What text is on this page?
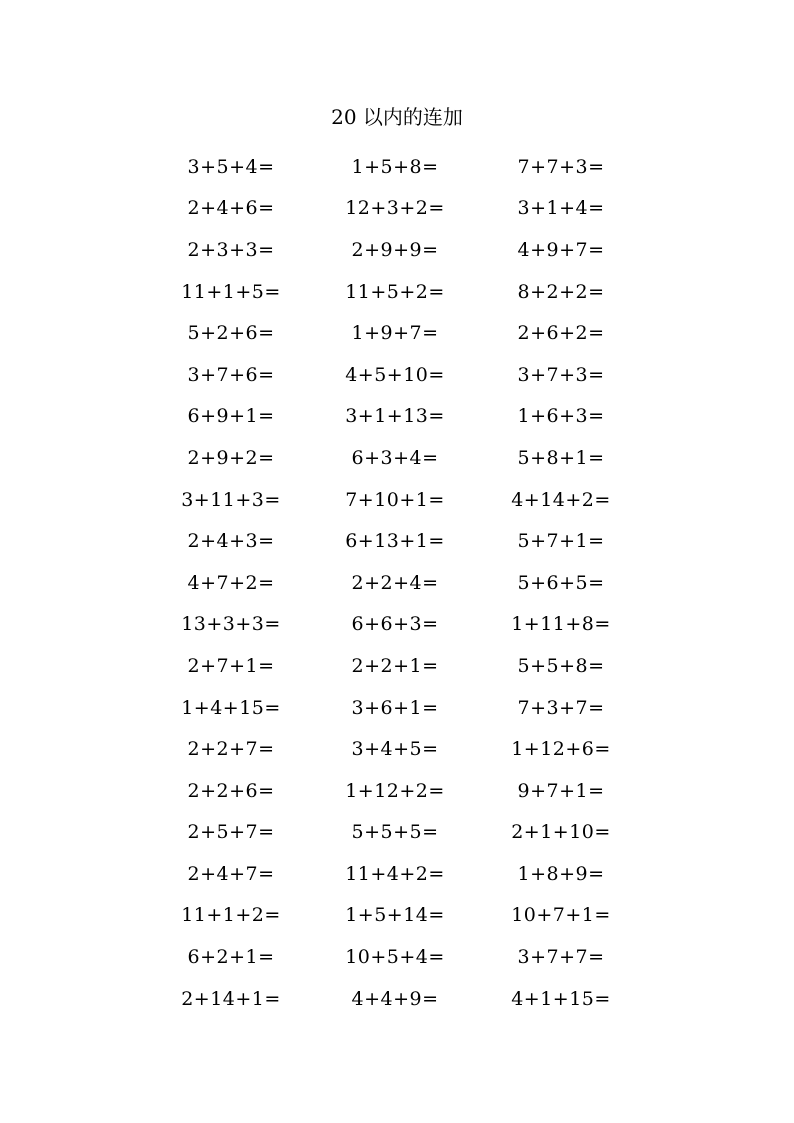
20 以内的连加
3+5+4=	1+5+8=	7+7+3=
2+4+6=	12+3+2=	3+1+4=
2+3+3=	2+9+9=	4+9+7=
11+1+5=	11+5+2=	8+2+2=
5+2+6=	1+9+7=	2+6+2=
3+7+6=	4+5+10=	3+7+3=
6+9+1=	3+1+13=	1+6+3=
2+9+2=	6+3+4=	5+8+1=
3+11+3=	7+10+1=	4+14+2=
2+4+3=	6+13+1=	5+7+1=
4+7+2=	2+2+4=	5+6+5=
13+3+3=	6+6+3=	1+11+8=
2+7+1=	2+2+1=	5+5+8=
1+4+15=	3+6+1=	7+3+7=
2+2+7=	3+4+5=	1+12+6=
2+2+6=	1+12+2=	9+7+1=
2+5+7=	5+5+5=	2+1+10=
2+4+7=	11+4+2=	1+8+9=
11+1+2=	1+5+14=	10+7+1=
6+2+1=	10+5+4=	3+7+7=
2+14+1=	4+4+9=	4+1+15=
